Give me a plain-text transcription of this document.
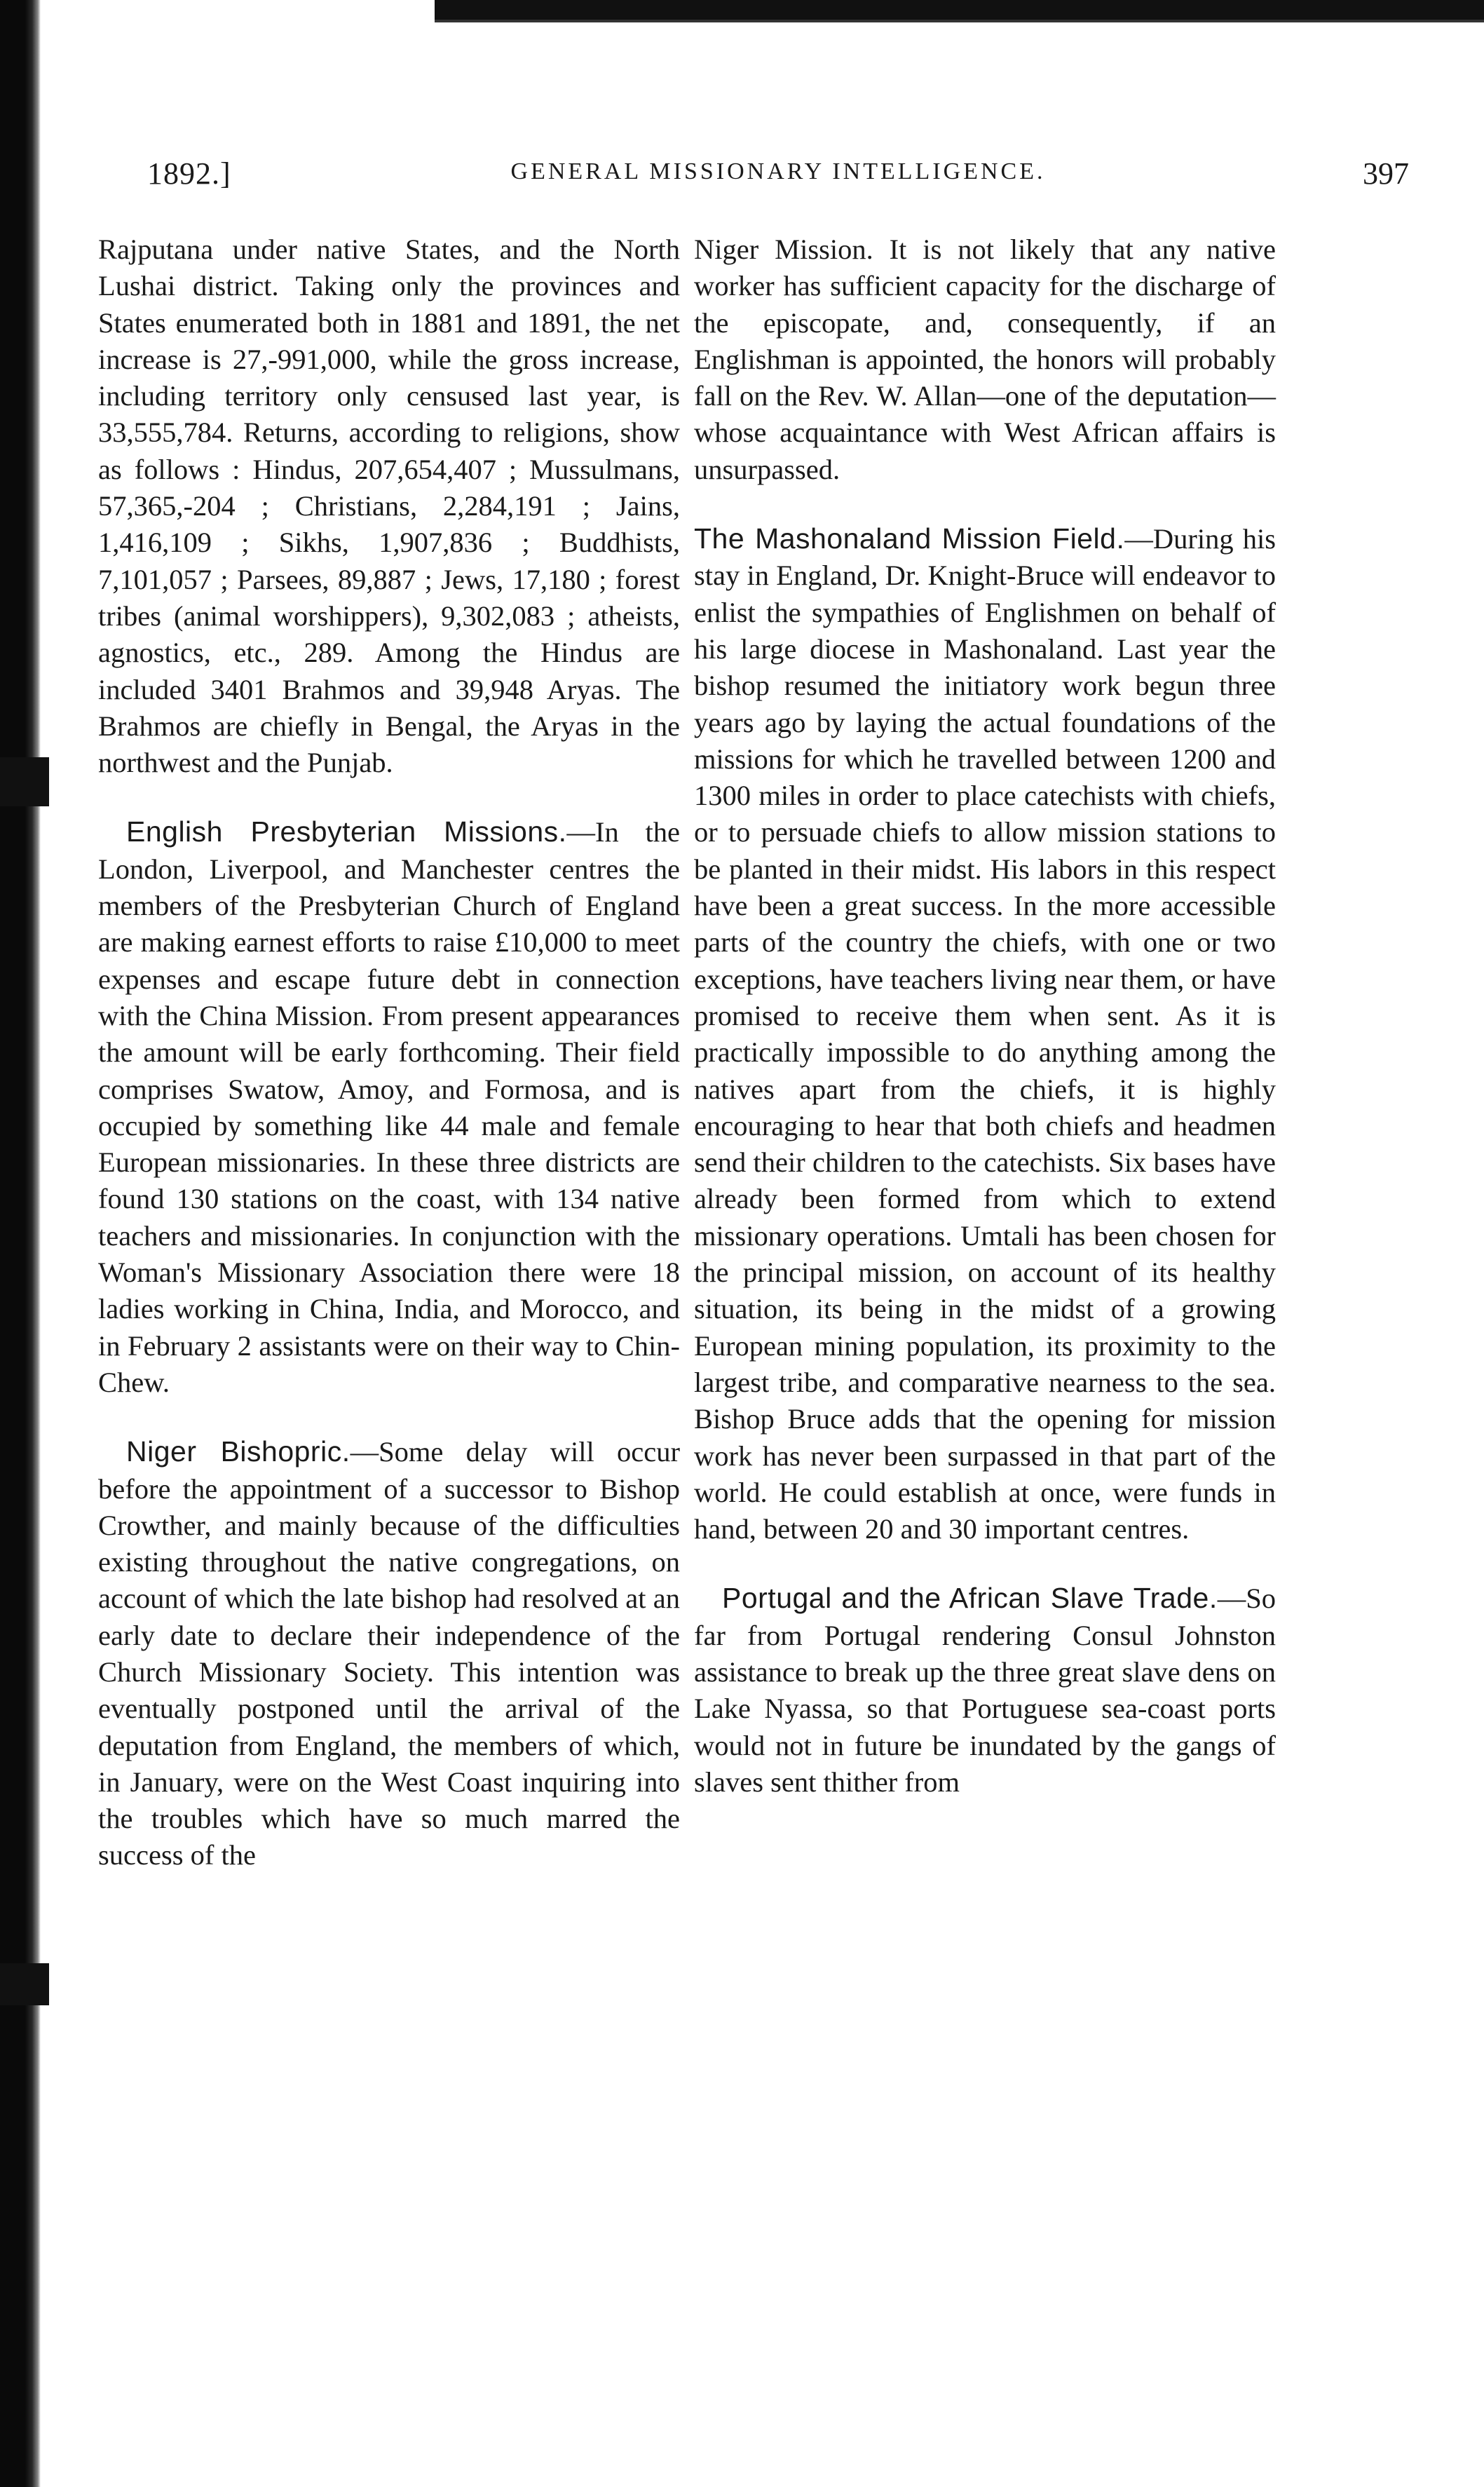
1892.]	GENERAL MISSIONARY INTELLIGENCE.	397

Rajputana under native States, and the North Lushai district. Taking only the provinces and States enumerated both in 1881 and 1891, the net increase is 27,-991,000, while the gross increase, including territory only censused last year, is 33,555,784. Returns, according to religions, show as follows : Hindus, 207,654,407 ; Mussulmans, 57,365,-204 ; Christians, 2,284,191 ; Jains, 1,416,109 ; Sikhs, 1,907,836 ; Buddhists, 7,101,057 ; Parsees, 89,887 ; Jews, 17,180 ; forest tribes (animal worshippers), 9,302,083 ; atheists, agnostics, etc., 289. Among the Hindus are included 3401 Brahmos and 39,948 Aryas. The Brahmos are chiefly in Bengal, the Aryas in the northwest and the Punjab.

English Presbyterian Missions.—In the London, Liverpool, and Manchester centres the members of the Presbyterian Church of England are making earnest efforts to raise £10,000 to meet expenses and escape future debt in connection with the China Mission. From present appearances the amount will be early forthcoming. Their field comprises Swatow, Amoy, and Formosa, and is occupied by something like 44 male and female European missionaries. In these three districts are found 130 stations on the coast, with 134 native teachers and missionaries. In conjunction with the Woman's Missionary Association there were 18 ladies working in China, India, and Morocco, and in February 2 assistants were on their way to Chin-Chew.

Niger Bishopric.—Some delay will occur before the appointment of a successor to Bishop Crowther, and mainly because of the difficulties existing throughout the native congregations, on account of which the late bishop had resolved at an early date to declare their independence of the Church Missionary Society. This intention was eventually postponed until the arrival of the deputation from England, the members of which, in January, were on the West Coast inquiring into the troubles which have so much marred the success of the

Niger Mission. It is not likely that any native worker has sufficient capacity for the discharge of the episcopate, and, consequently, if an Englishman is appointed, the honors will probably fall on the Rev. W. Allan—one of the deputation—whose acquaintance with West African affairs is unsurpassed.

The Mashonaland Mission Field.—During his stay in England, Dr. Knight-Bruce will endeavor to enlist the sympathies of Englishmen on behalf of his large diocese in Mashonaland. Last year the bishop resumed the initiatory work begun three years ago by laying the actual foundations of the missions for which he travelled between 1200 and 1300 miles in order to place catechists with chiefs, or to persuade chiefs to allow mission stations to be planted in their midst. His labors in this respect have been a great success. In the more accessible parts of the country the chiefs, with one or two exceptions, have teachers living near them, or have promised to receive them when sent. As it is practically impossible to do anything among the natives apart from the chiefs, it is highly encouraging to hear that both chiefs and headmen send their children to the catechists. Six bases have already been formed from which to extend missionary operations. Umtali has been chosen for the principal mission, on account of its healthy situation, its being in the midst of a growing European mining population, its proximity to the largest tribe, and comparative nearness to the sea. Bishop Bruce adds that the opening for mission work has never been surpassed in that part of the world. He could establish at once, were funds in hand, between 20 and 30 important centres.

Portugal and the African Slave Trade.—So far from Portugal rendering Consul Johnston assistance to break up the three great slave dens on Lake Nyassa, so that Portuguese sea-coast ports would not in future be inundated by the gangs of slaves sent thither from
